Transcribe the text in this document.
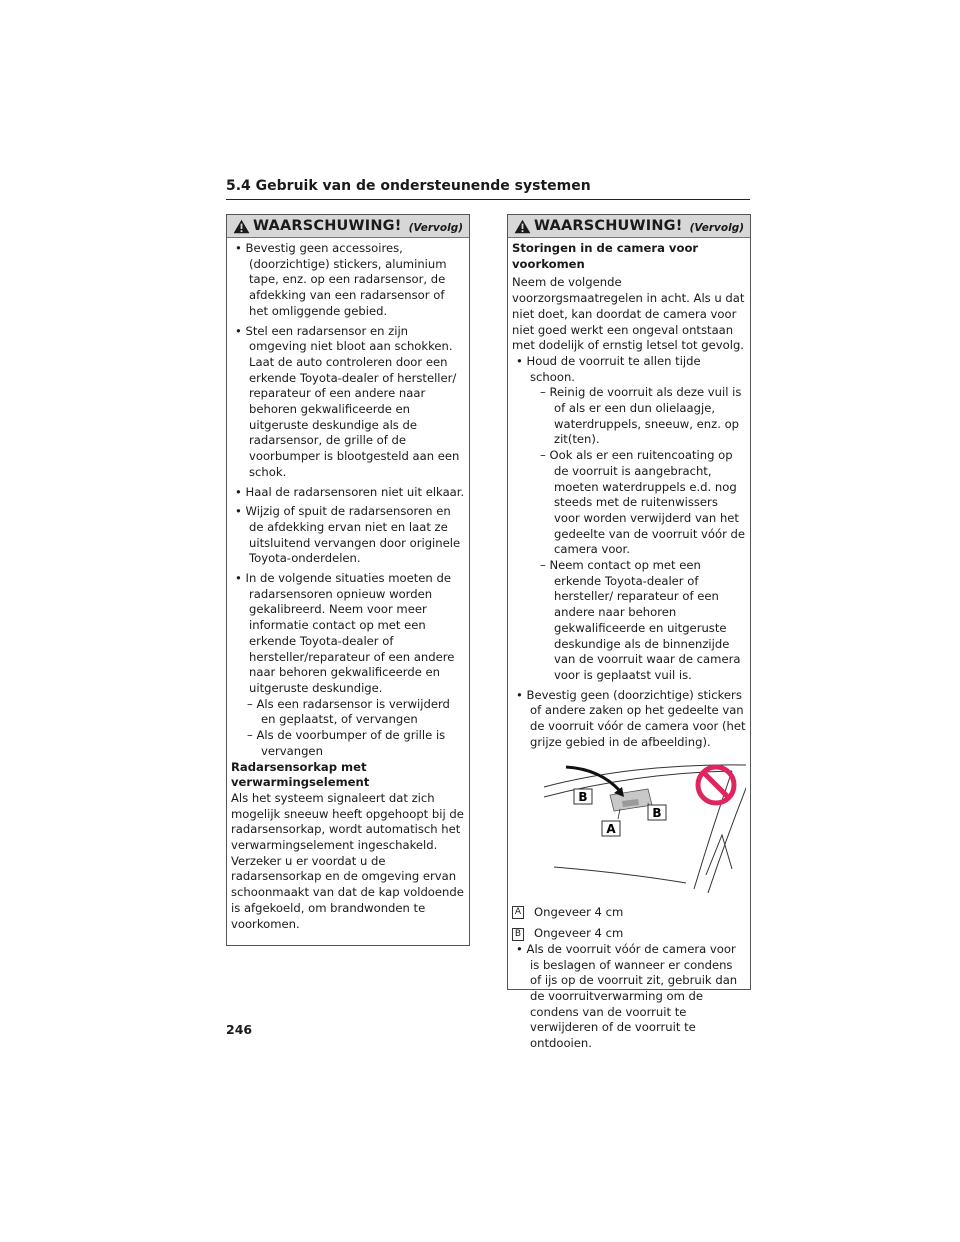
5.4 Gebruik van de ondersteunende systemen
WAARSCHUWING! (Vervolg)

• Bevestig geen accessoires, (doorzichtige) stickers, aluminium tape, enz. op een radarsensor, de afdekking van een radarsensor of het omliggende gebied.

• Stel een radarsensor en zijn omgeving niet bloot aan schokken. Laat de auto controleren door een erkende Toyota-dealer of hersteller/ reparateur of een andere naar behoren gekwalificeerde en uitgeruste deskundige als de radarsensor, de grille of de voorbumper is blootgesteld aan een schok.

• Haal de radarsensoren niet uit elkaar.

• Wijzig of spuit de radarsensoren en de afdekking ervan niet en laat ze uitsluitend vervangen door originele Toyota-onderdelen.

• In de volgende situaties moeten de radarsensoren opnieuw worden gekalibreerd. Neem voor meer informatie contact op met een erkende Toyota-dealer of hersteller/reparateur of een andere naar behoren gekwalificeerde en uitgeruste deskundige.

– Als een radarsensor is verwijderd en geplaatst, of vervangen

– Als de voorbumper of de grille is vervangen

Radarsensorkap met verwarmingselement

Als het systeem signaleert dat zich mogelijk sneeuw heeft opgehoopt bij de radarsensorkap, wordt automatisch het verwarmingselement ingeschakeld. Verzeker u er voordat u de radarsensorkap en de omgeving ervan schoonmaakt van dat de kap voldoende is afgekoeld, om brandwonden te voorkomen.

WAARSCHUWING! (Vervolg)

Storingen in de camera voor voorkomen

Neem de volgende voorzorgsmaatregelen in acht. Als u dat niet doet, kan doordat de camera voor niet goed werkt een ongeval ontstaan met dodelijk of ernstig letsel tot gevolg.

• Houd de voorruit te allen tijde schoon.

– Reinig de voorruit als deze vuil is of als er een dun olielaagje, waterdruppels, sneeuw, enz. op zit(ten).

– Ook als er een ruitencoating op de voorruit is aangebracht, moeten waterdruppels e.d. nog steeds met de ruitenwissers voor worden verwijderd van het gedeelte van de voorruit vóór de camera voor.

– Neem contact op met een erkende Toyota-dealer of hersteller/ reparateur of een andere naar behoren gekwalificeerde en uitgeruste deskundige als de binnenzijde van de voorruit waar de camera voor is geplaatst vuil is.

• Bevestig geen (doorzichtige) stickers of andere zaken op het gedeelte van de voorruit vóór de camera voor (het grijze gebied in de afbeelding).

B
B
A

A Ongeveer 4 cm

B Ongeveer 4 cm

• Als de voorruit vóór de camera voor is beslagen of wanneer er condens of ijs op de voorruit zit, gebruik dan de voorruitverwarming om de condens van de voorruit te verwijderen of de voorruit te ontdooien.

246
